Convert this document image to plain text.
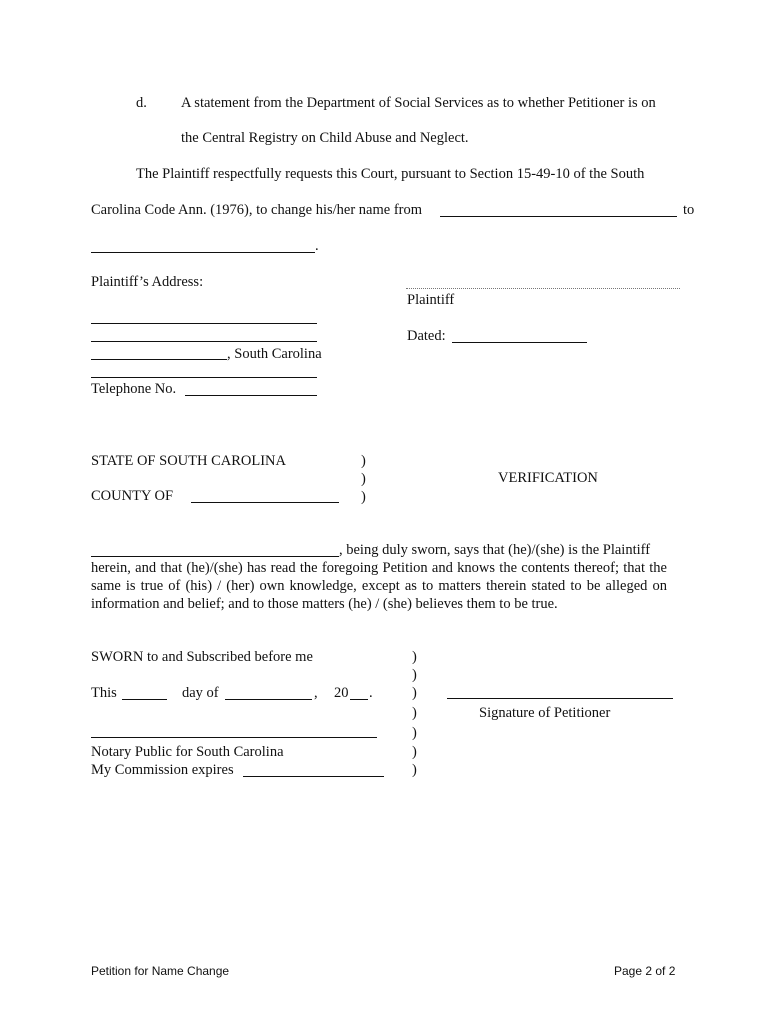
d. A statement from the Department of Social Services as to whether Petitioner is on
the Central Registry on Child Abuse and Neglect.
The Plaintiff respectfully requests this Court, pursuant to Section 15-49-10 of the South
Carolina Code Ann. (1976), to change his/her name from	to
.
Plaintiff’s Address:
Plaintiff
Dated:
, South Carolina
Telephone No.
STATE OF SOUTH CAROLINA	)
)
)
VERIFICATION
COUNTY OF
, being duly sworn, says that (he)/(she) is the Plaintiff
herein, and that (he)/(she) has read the foregoing Petition and knows the contents thereof; that the same is true of (his) / (her) own knowledge, except as to matters therein stated to be alleged on information and belief; and to those matters (he) / (she) believes them to be true.
SWORN to and Subscribed before me
This	day of	, 20 .
Notary Public for South Carolina
My Commission expires
)
)
)
)
)
)
)
Signature of Petitioner
Petition for Name Change	Page 2 of 2
